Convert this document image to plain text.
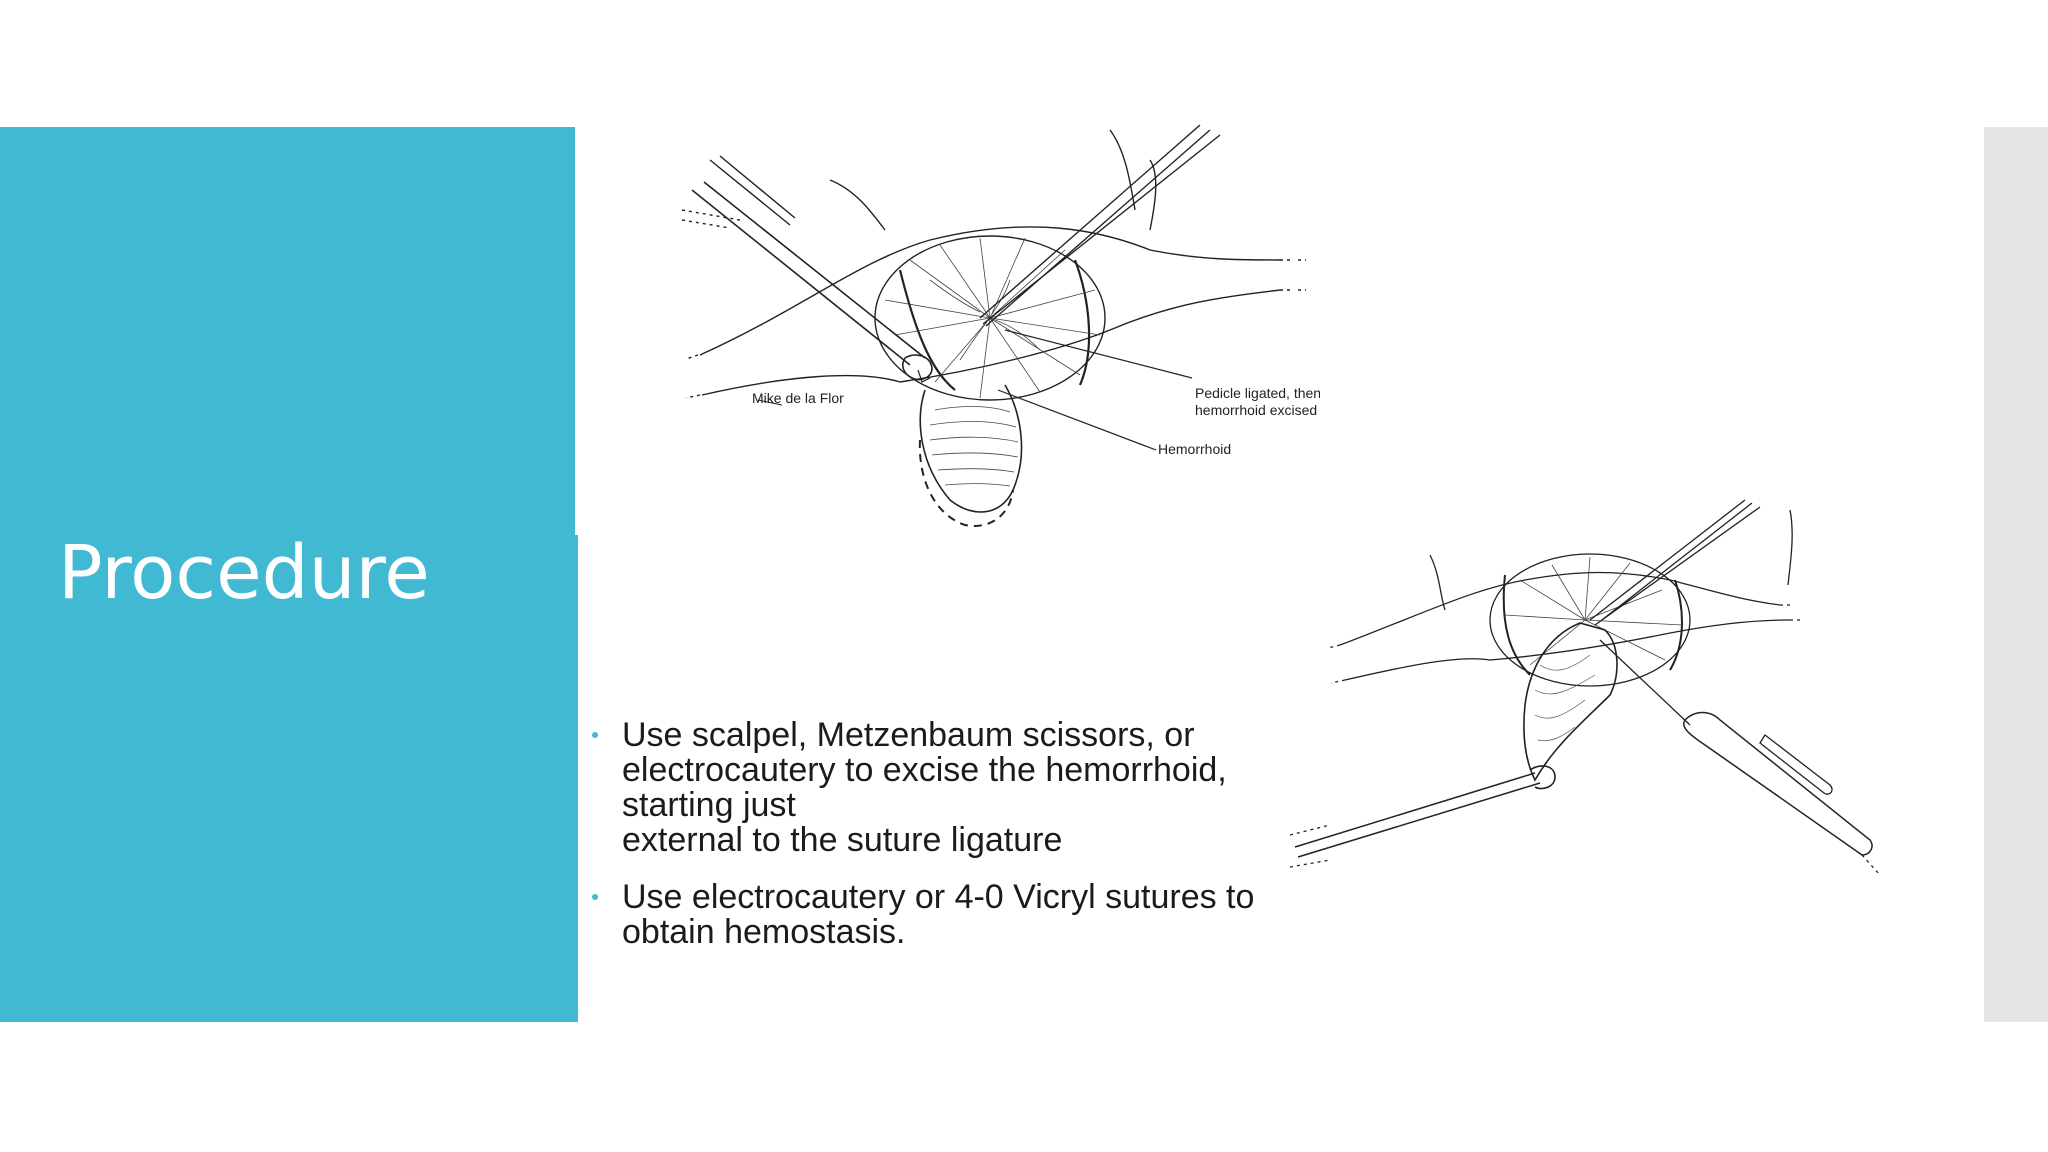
Procedure
Mike de la Flor	Pedicle ligated, then
hemorrhoid excised
Hemorrhoid
Use scalpel, Metzenbaum scissors, or
electrocautery to excise the hemorrhoid,
starting just
external to the suture ligature
Use electrocautery or 4-0 Vicryl sutures to
obtain hemostasis.
